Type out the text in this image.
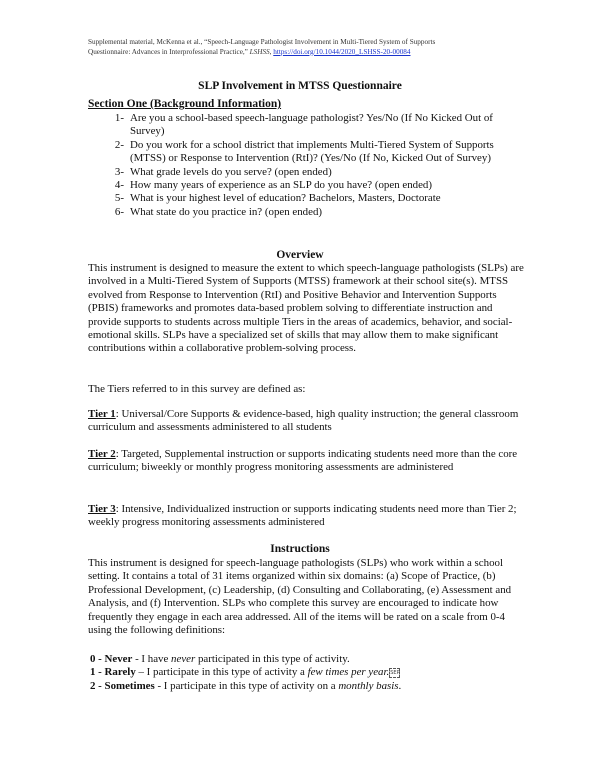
Supplemental material, McKenna et al., “Speech-Language Pathologist Involvement in Multi-Tiered System of Supports
Questionnaire: Advances in Interprofessional Practice,” LSHSS, https://doi.org/10.1044/2020_LSHSS-20-00084
SLP Involvement in MTSS Questionnaire
Section One (Background Information)
1- Are you a school-based speech-language pathologist? Yes/No (If No Kicked Out of Survey)
2- Do you work for a school district that implements Multi-Tiered System of Supports (MTSS) or Response to Intervention (RtI)? (Yes/No (If No, Kicked Out of Survey)
3- What grade levels do you serve? (open ended)
4- How many years of experience as an SLP do you have? (open ended)
5- What is your highest level of education? Bachelors, Masters, Doctorate
6- What state do you practice in? (open ended)
Overview
This instrument is designed to measure the extent to which speech-language pathologists (SLPs) are involved in a Multi-Tiered System of Supports (MTSS) framework at their school site(s). MTSS evolved from Response to Intervention (RtI) and Positive Behavior and Intervention Supports (PBIS) frameworks and promotes data-based problem solving to differentiate instruction and provide supports to students across multiple Tiers in the areas of academics, behavior, and social-emotional skills. SLPs have a specialized set of skills that may allow them to make significant contributions within a collaborative problem-solving process.
The Tiers referred to in this survey are defined as:
Tier 1: Universal/Core Supports & evidence-based, high quality instruction; the general classroom curriculum and assessments administered to all students
Tier 2: Targeted, Supplemental instruction or supports indicating students need more than the core curriculum; biweekly or monthly progress monitoring assessments are administered
Tier 3: Intensive, Individualized instruction or supports indicating students need more than Tier 2; weekly progress monitoring assessments administered
Instructions
This instrument is designed for speech-language pathologists (SLPs) who work within a school setting. It contains a total of 31 items organized within six domains: (a) Scope of Practice, (b) Professional Development, (c) Leadership, (d) Consulting and Collaborating, (e) Assessment and Analysis, and (f) Intervention. SLPs who complete this survey are encouraged to indicate how frequently they engage in each area addressed. All of the items will be rated on a scale from 0-4 using the following definitions:
0 - Never - I have never participated in this type of activity.
1 - Rarely – I participate in this type of activity a few times per year.SEP
2 - Sometimes - I participate in this type of activity on a monthly basis.
